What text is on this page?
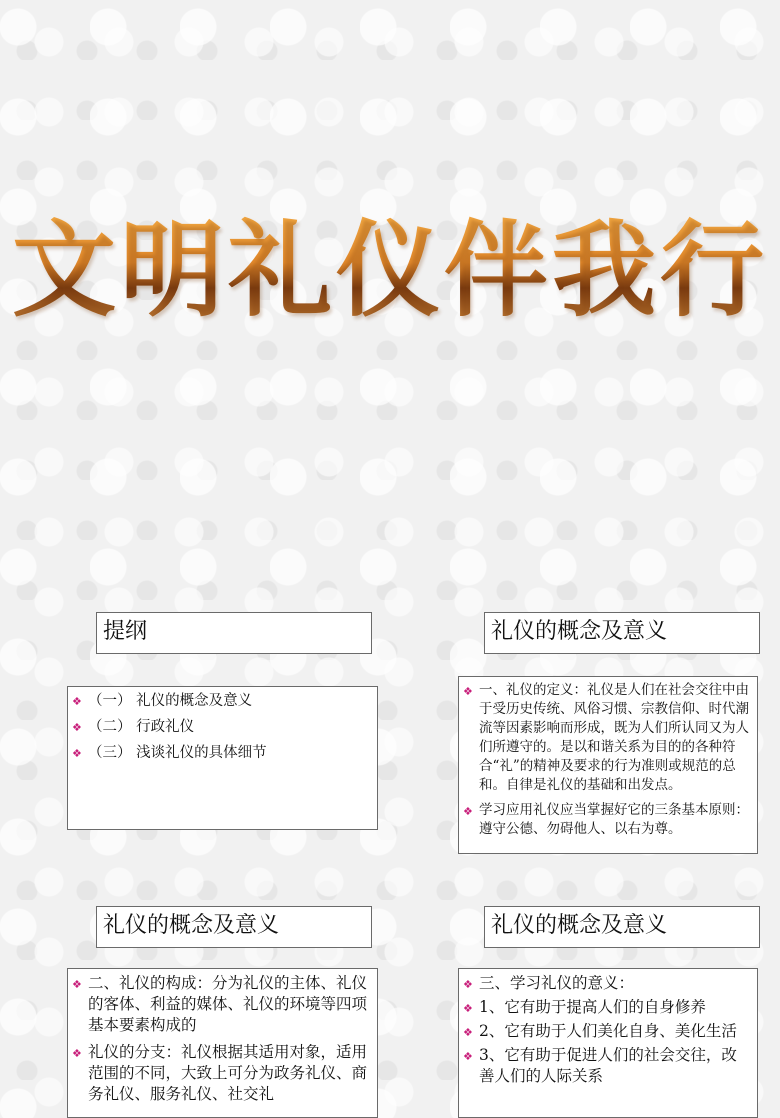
文明礼仪伴我行
提纲
❖ （一） 礼仪的概念及意义
❖ （二） 行政礼仪
❖ （三） 浅谈礼仪的具体细节
礼仪的概念及意义
❖ 一、礼仪的定义：礼仪是人们在社会交往中由于受历史传统、风俗习惯、宗教信仰、时代潮流等因素影响而形成，既为人们所认同又为人们所遵守的。是以和谐关系为目的的各种符合“礼”的精神及要求的行为准则或规范的总和。自律是礼仪的基础和出发点。
❖ 学习应用礼仪应当掌握好它的三条基本原则：遵守公德、勿碍他人、以右为尊。
礼仪的概念及意义
❖ 二、礼仪的构成：分为礼仪的主体、礼仪的客体、利益的媒体、礼仪的环境等四项基本要素构成的
❖ 礼仪的分支：礼仪根据其适用对象，适用范围的不同，大致上可分为政务礼仪、商务礼仪、服务礼仪、社交礼
礼仪的概念及意义
❖ 三、学习礼仪的意义：
❖ 1、它有助于提高人们的自身修养
❖ 2、它有助于人们美化自身、美化生活
❖ 3、它有助于促进人们的社会交往，改善人们的人际关系
